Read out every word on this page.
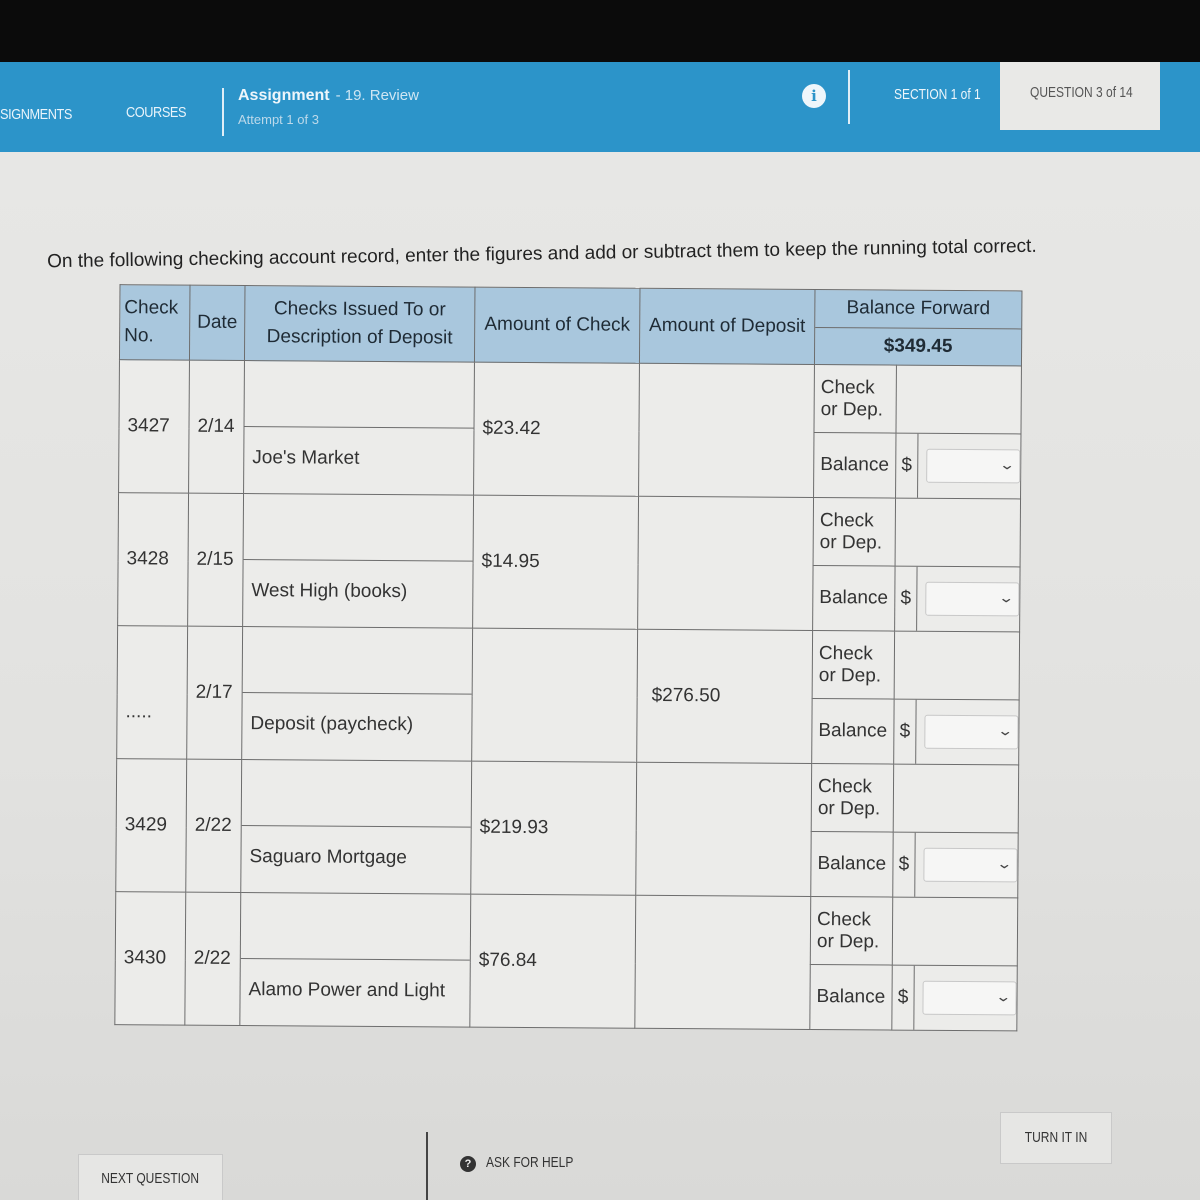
SIGNMENTS	COURSES
Assignment - 19. Review
Attempt 1 of 3
i	SECTION 1 of 1	QUESTION 3 of 14
On the following checking account record, enter the figures and add or subtract them to keep the running total correct.
Check No.	Date	Checks Issued To or Description of Deposit	Amount of Check	Amount of Deposit	Balance Forward
$349.45	

3427	2/14	Joe's Market	$23.42		Check or Dep.	
					Balance	$ ⌄

3428	2/15	West High (books)	$14.95		Check or Dep.	
					Balance	$ ⌄

.....	2/17	Deposit (paycheck)		$276.50	Check or Dep.	
					Balance	$ ⌄

3429	2/22	Saguaro Mortgage	$219.93		Check or Dep.	
					Balance	$ ⌄

3430	2/22	Alamo Power and Light	$76.84		Check or Dep.	
					Balance	$ ⌄
NEXT QUESTION
? ASK FOR HELP
TURN IT IN
